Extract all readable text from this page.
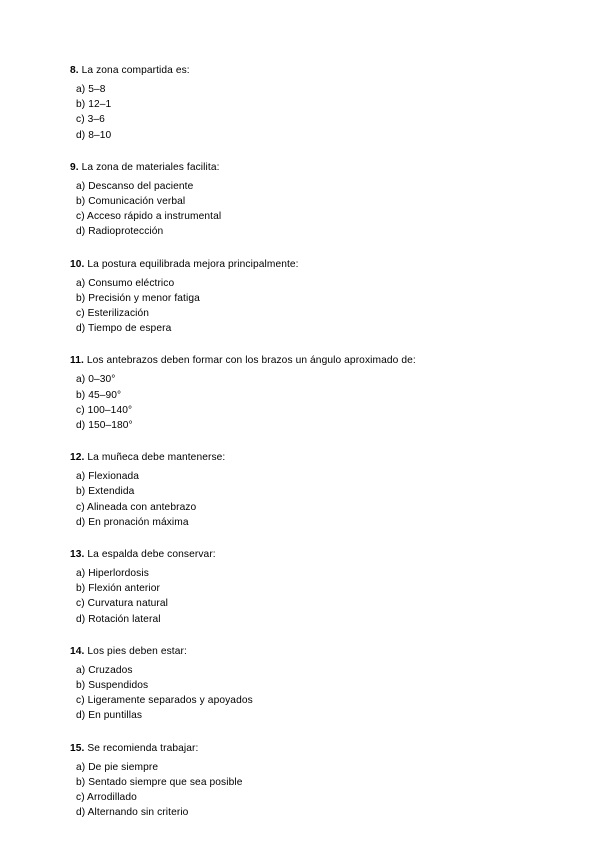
8. La zona compartida es:

a) 5–8
b) 12–1
c) 3–6
d) 8–10

9. La zona de materiales facilita:

a) Descanso del paciente
b) Comunicación verbal
c) Acceso rápido a instrumental
d) Radioprotección

10. La postura equilibrada mejora principalmente:

a) Consumo eléctrico
b) Precisión y menor fatiga
c) Esterilización
d) Tiempo de espera

11. Los antebrazos deben formar con los brazos un ángulo aproximado de:

a) 0–30°
b) 45–90°
c) 100–140°
d) 150–180°

12. La muñeca debe mantenerse:

a) Flexionada
b) Extendida
c) Alineada con antebrazo
d) En pronación máxima

13. La espalda debe conservar:

a) Hiperlordosis
b) Flexión anterior
c) Curvatura natural
d) Rotación lateral

14. Los pies deben estar:

a) Cruzados
b) Suspendidos
c) Ligeramente separados y apoyados
d) En puntillas

15. Se recomienda trabajar:

a) De pie siempre
b) Sentado siempre que sea posible
c) Arrodillado
d) Alternando sin criterio
